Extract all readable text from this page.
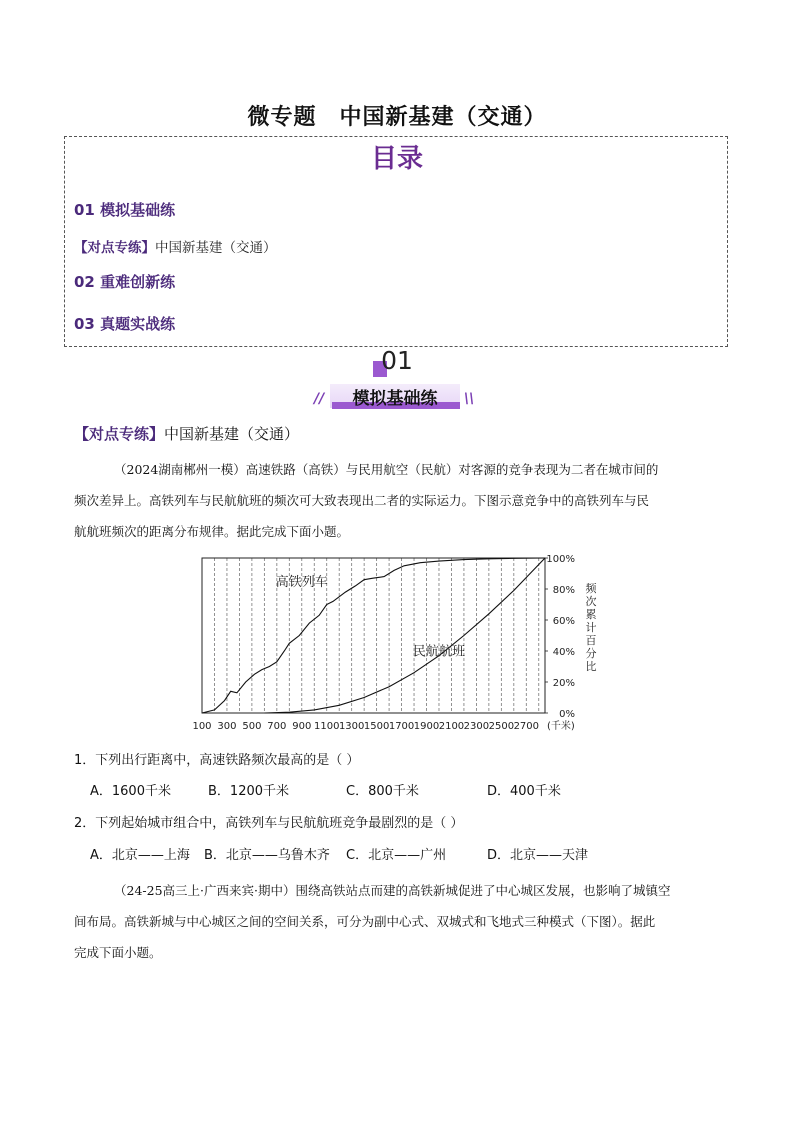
微专题　中国新基建（交通）
目录
01 模拟基础练
【对点专练】中国新基建（交通）
02 重难创新练
03 真题实战练
01
模拟基础练
//	\\
【对点专练】中国新基建（交通）
（2024湖南郴州一模）高速铁路（高铁）与民用航空（民航）对客源的竞争表现为二者在城市间的
频次差异上。高铁列车与民航航班的频次可大致表现出二者的实际运力。下图示意竞争中的高铁列车与民
航航班频次的距离分布规律。据此完成下面小题。
100 300 500 700 900 1100 1300 1500 1700 1900 2100 2300 2500 2700
0%
20%
40%
60%
80%
100%
(千米)
频
次
累
计
百
分
比
高铁列车
民航航班
1．下列出行距离中，高速铁路频次最高的是（ ）
A．1600千米	B．1200千米	C．800千米	D．400千米
2．下列起始城市组合中，高铁列车与民航航班竞争最剧烈的是（ ）
A．北京——上海 B．北京——乌鲁木齐 C．北京——广州	D．北京——天津
（24-25高三上·广西来宾·期中）围绕高铁站点而建的高铁新城促进了中心城区发展，也影响了城镇空
间布局。高铁新城与中心城区之间的空间关系，可分为副中心式、双城式和飞地式三种模式（下图）。据此
完成下面小题。
